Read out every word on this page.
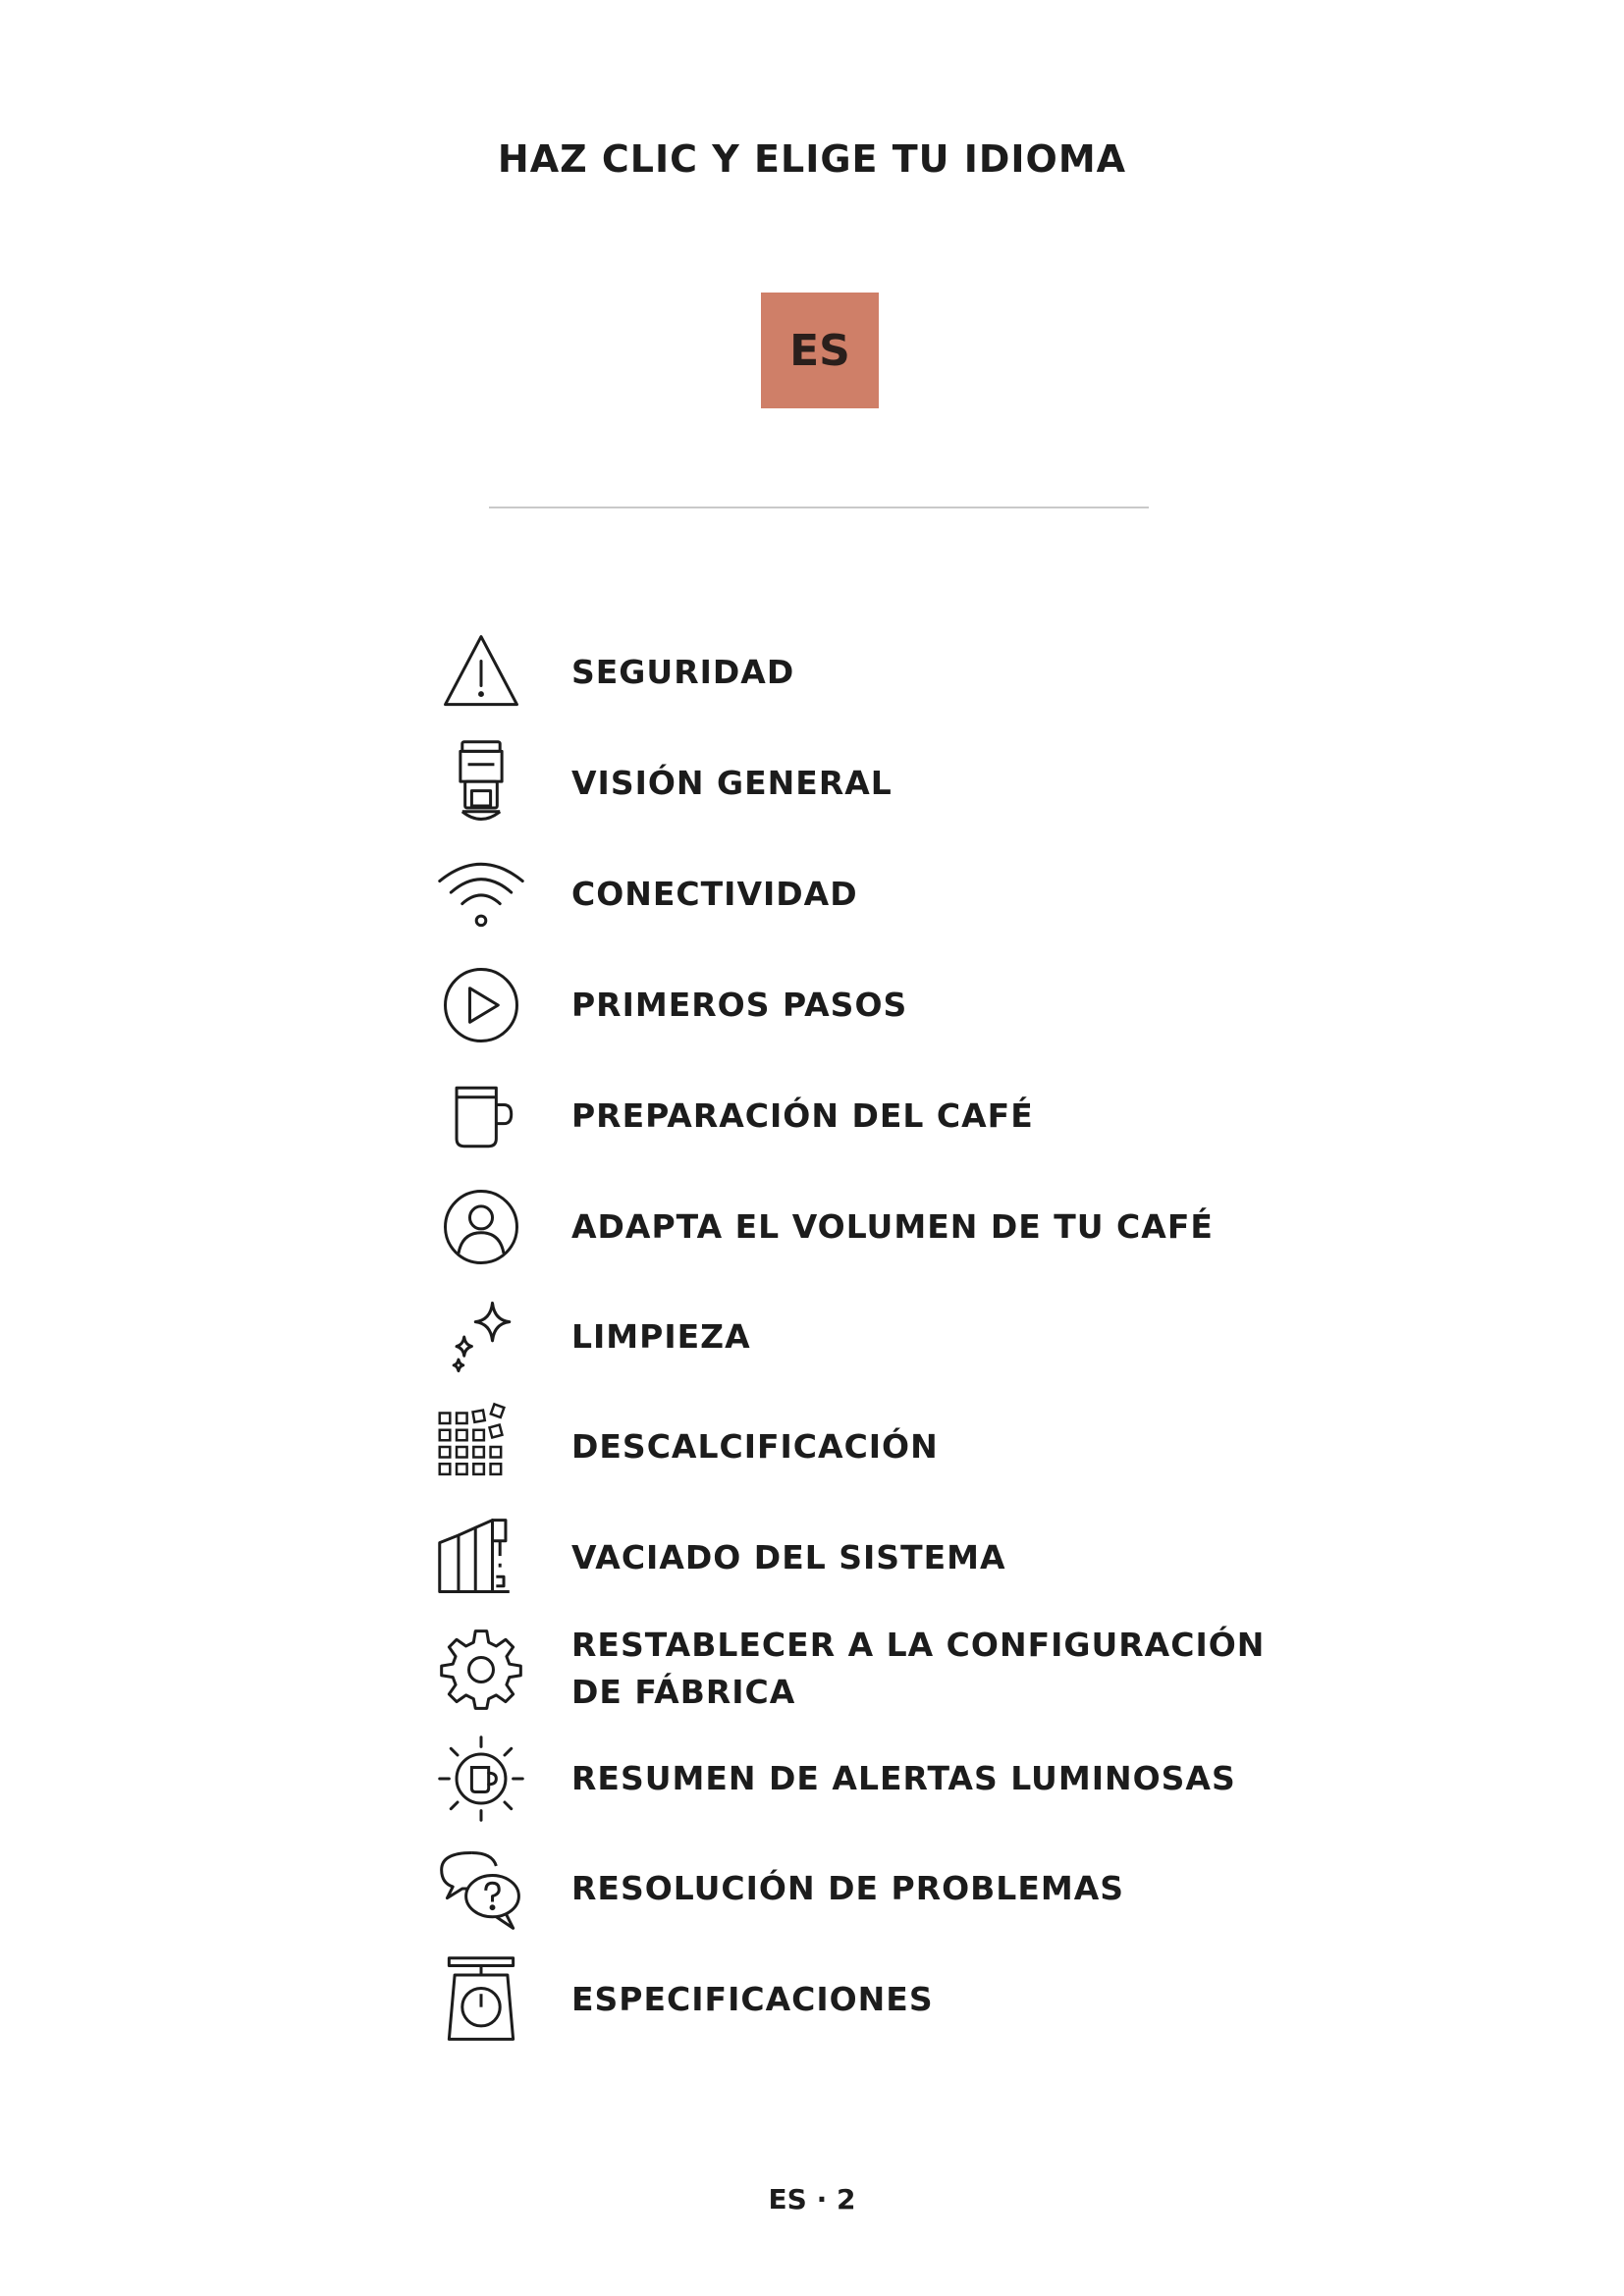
HAZ CLIC Y ELIGE TU IDIOMA
ES
SEGURIDAD
VISIÓN GENERAL
CONECTIVIDAD
PRIMEROS PASOS
PREPARACIÓN DEL CAFÉ
ADAPTA EL VOLUMEN DE TU CAFÉ
LIMPIEZA
DESCALCIFICACIÓN
VACIADO DEL SISTEMA
RESTABLECER A LA CONFIGURACIÓN
DE FÁBRICA
RESUMEN DE ALERTAS LUMINOSAS
RESOLUCIÓN DE PROBLEMAS
ESPECIFICACIONES
ES · 2
